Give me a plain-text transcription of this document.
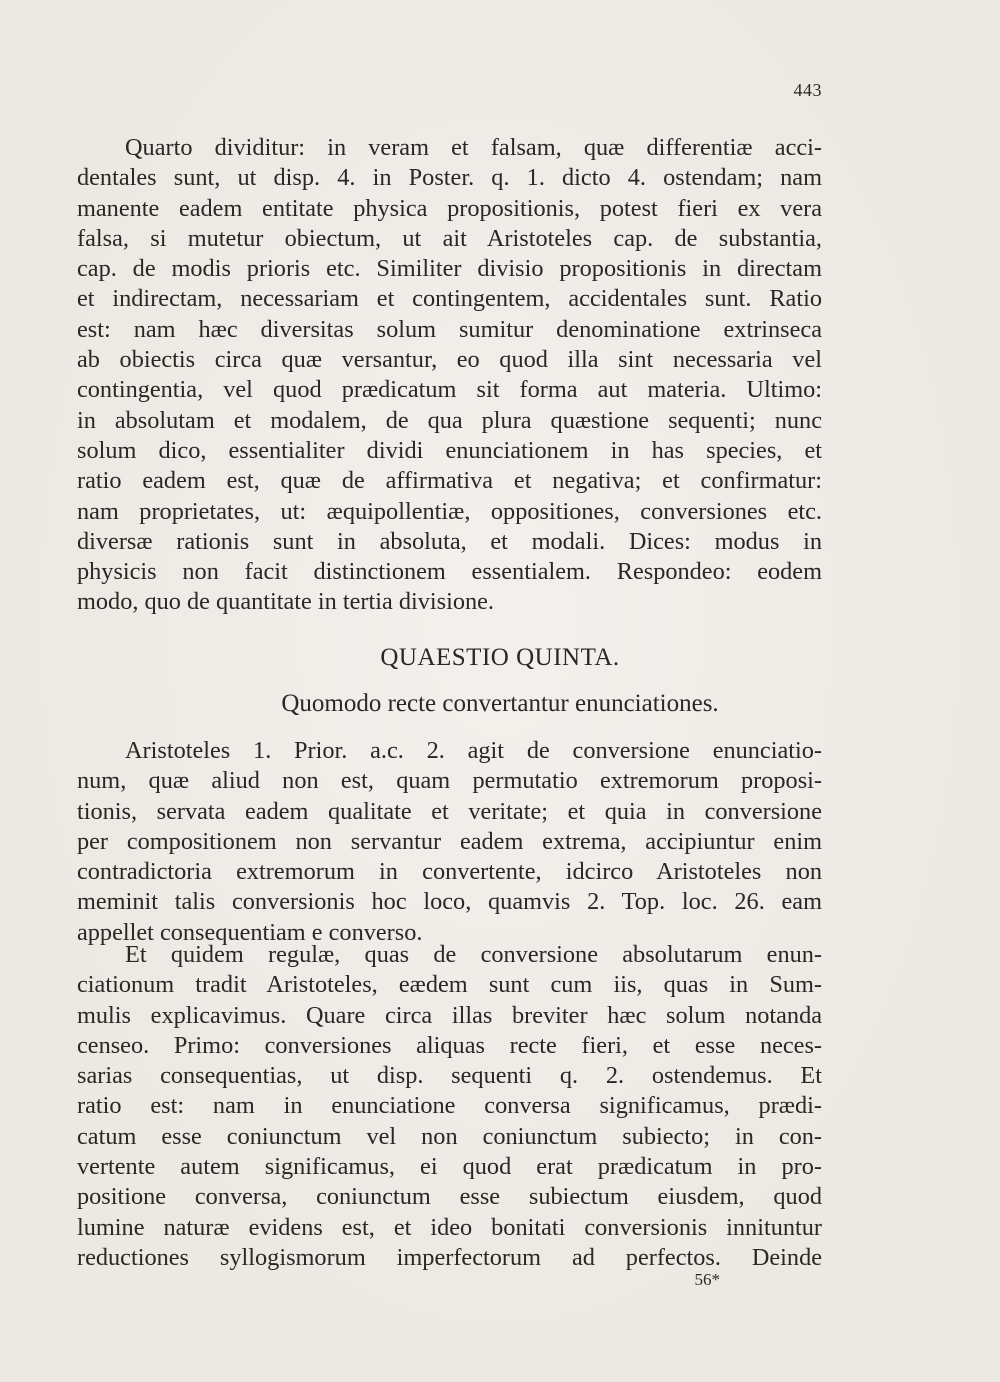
443
Quarto dividitur: in veram et falsam, quæ differentiæ acci-
dentales sunt, ut disp. 4. in Poster. q. 1. dicto 4. ostendam; nam
manente eadem entitate physica propositionis, potest fieri ex vera
falsa, si mutetur obiectum, ut ait Aristoteles cap. de substantia,
cap. de modis prioris etc. Similiter divisio propositionis in directam
et indirectam, necessariam et contingentem, accidentales sunt. Ratio
est: nam hæc diversitas solum sumitur denominatione extrinseca
ab obiectis circa quæ versantur, eo quod illa sint necessaria vel
contingentia, vel quod prædicatum sit forma aut materia. Ultimo:
in absolutam et modalem, de qua plura quæstione sequenti; nunc
solum dico, essentialiter dividi enunciationem in has species, et
ratio eadem est, quæ de affirmativa et negativa; et confirmatur:
nam proprietates, ut: æquipollentiæ, oppositiones, conversiones etc.
diversæ rationis sunt in absoluta, et modali. Dices: modus in
physicis non facit distinctionem essentialem. Respondeo: eodem
modo, quo de quantitate in tertia divisione.
QUAESTIO QUINTA.
Quomodo recte convertantur enunciationes.
Aristoteles 1. Prior. a.c. 2. agit de conversione enunciatio-
num, quæ aliud non est, quam permutatio extremorum proposi-
tionis, servata eadem qualitate et veritate; et quia in conversione
per compositionem non servantur eadem extrema, accipiuntur enim
contradictoria extremorum in convertente, idcirco Aristoteles non
meminit talis conversionis hoc loco, quamvis 2. Top. loc. 26. eam
appellet consequentiam e converso.
Et quidem regulæ, quas de conversione absolutarum enun-
ciationum tradit Aristoteles, eædem sunt cum iis, quas in Sum-
mulis explicavimus. Quare circa illas breviter hæc solum notanda
censeo. Primo: conversiones aliquas recte fieri, et esse neces-
sarias consequentias, ut disp. sequenti q. 2. ostendemus. Et
ratio est: nam in enunciatione conversa significamus, prædi-
catum esse coniunctum vel non coniunctum subiecto; in con-
vertente autem significamus, ei quod erat prædicatum in pro-
positione conversa, coniunctum esse subiectum eiusdem, quod
lumine naturæ evidens est, et ideo bonitati conversionis innituntur
reductiones syllogismorum imperfectorum ad perfectos. Deinde
56*
